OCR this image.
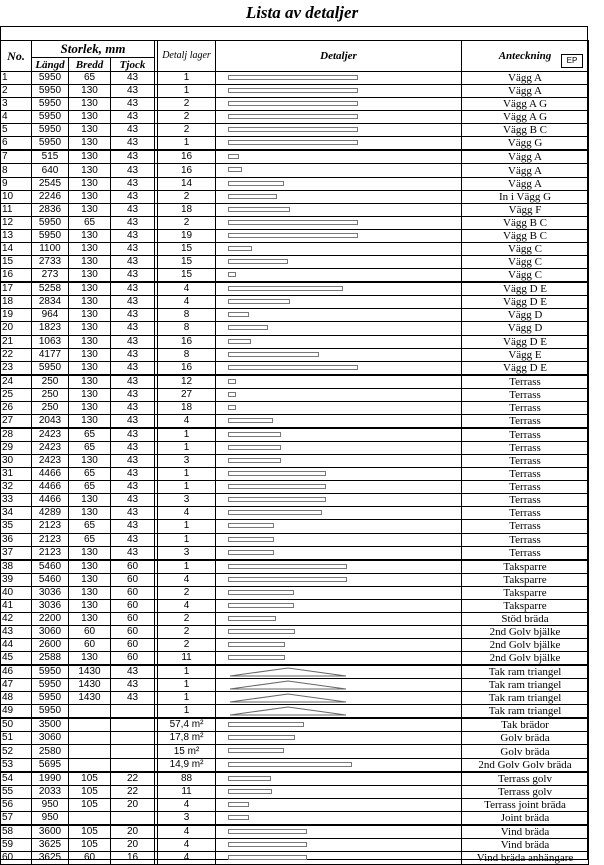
Lista av detaljer
EP
No.	Storlek, mm				Detalj lager	Detaljer	Anteckning
	Längd	Bredd	Tjock				
1	5950	65	43		1		Vägg A
2	5950	130	43		1		Vägg A
3	5950	130	43		2		Vägg A G
4	5950	130	43		2		Vägg A G
5	5950	130	43		2		Vägg B C
6	5950	130	43		1		Vägg G
7	515	130	43		16		Vägg A
8	640	130	43		16		Vägg A
9	2545	130	43		14		Vägg A
10	2246	130	43		2		In i Vägg G
11	2836	130	43		18		Vägg F
12	5950	65	43		2		Vägg B C
13	5950	130	43		19		Vägg B C
14	1100	130	43		15		Vägg C
15	2733	130	43		15		Vägg C
16	273	130	43		15		Vägg C
17	5258	130	43		4		Vägg D E
18	2834	130	43		4		Vägg D E
19	964	130	43		8		Vägg D
20	1823	130	43		8		Vägg D
21	1063	130	43		16		Vägg D E
22	4177	130	43		8		Vägg E
23	5950	130	43		16		Vägg D E
24	250	130	43		12		Terrass
25	250	130	43		27		Terrass
26	250	130	43		18		Terrass
27	2043	130	43		4		Terrass
28	2423	65	43		1		Terrass
29	2423	65	43		1		Terrass
30	2423	130	43		3		Terrass
31	4466	65	43		1		Terrass
32	4466	65	43		1		Terrass
33	4466	130	43		3		Terrass
34	4289	130	43		4		Terrass
35	2123	65	43		1		Terrass
36	2123	65	43		1		Terrass
37	2123	130	43		3		Terrass
38	5460	130	60		1		Taksparre
39	5460	130	60		4		Taksparre
40	3036	130	60		2		Taksparre
41	3036	130	60		4		Taksparre
42	2200	130	60		2		Stöd bräda
43	3060	60	60		2		2nd Golv bjälke
44	2600	60	60		2		2nd Golv bjälke
45	2588	130	60		11		2nd Golv bjälke
46	5950	1430	43		1		Tak ram triangel
47	5950	1430	43		1		Tak ram triangel
48	5950	1430	43		1		Tak ram triangel
49	5950				1		Tak ram triangel
50	3500				57,4 m²		Tak brädor
51	3060				17,8 m²		Golv bräda
52	2580				15 m²		Golv bräda
53	5695				14,9 m²		2nd Golv Golv bräda
54	1990	105	22		88		Terrass golv
55	2033	105	22		11		Terrass golv
56	950	105	20		4		Terrass joint bräda
57	950				3		Joint bräda
58	3600	105	20		4		Vind bräda
59	3625	105	20		4		Vind bräda
60	3625	60	16		4		Vind bräda anhängare
